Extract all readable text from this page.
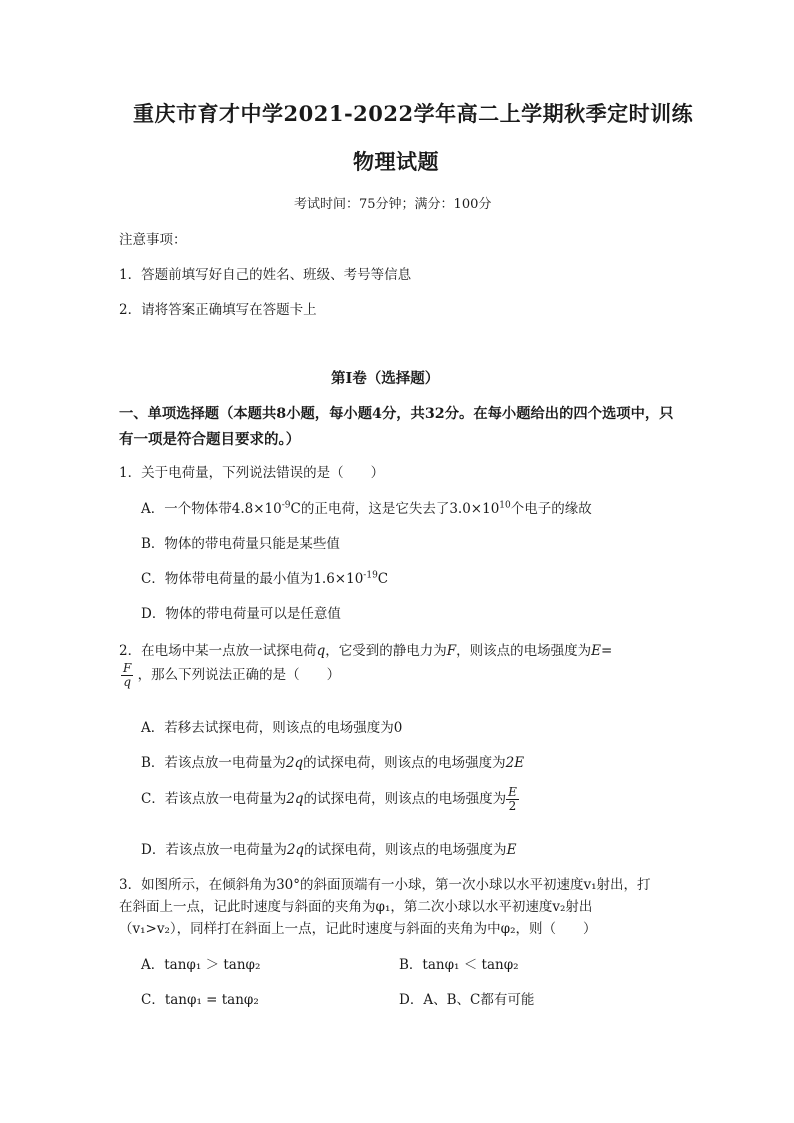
重庆市育才中学2021-2022学年高二上学期秋季定时训练
物理试题
考试时间：75分钟；满分：100分
注意事项：
1．答题前填写好自己的姓名、班级、考号等信息
2．请将答案正确填写在答题卡上
第I卷（选择题）
一、单项选择题（本题共8小题，每小题4分，共32分。在每小题给出的四个选项中，只
有一项是符合题目要求的。）
1．关于电荷量，下列说法错误的是（　　）
A．一个物体带$4.8\times 10^{-9}C$的正电荷，这是它失去了$3.0\times 10^{10}$个电子的缘故
B．物体的带电荷量只能是某些值
C．物体带电荷量的最小值为$1.6\times 10^{-19}C$
D．物体的带电荷量可以是任意值
2．在电场中某一点放一试探电荷q，它受到的静电力为F，则该点的电场强度为E=
$\frac{F}{q}$ ，那么下列说法正确的是（　　）
A．若移去试探电荷，则该点的电场强度为0
B．若该点放一电荷量为2q的试探电荷，则该点的电场强度为2E
C．若该点放一电荷量为2q的试探电荷，则该点的电场强度为 $\frac{E}{2}$
D．若该点放一电荷量为2q的试探电荷，则该点的电场强度为E
3．如图所示，在倾斜角为30°的斜面顶端有一小球，第一次小球以水平初速度v₁射出，打
在斜面上一点，记此时速度与斜面的夹角为φ₁，第二次小球以水平初速度v₂射出
（v₁>v₂），同样打在斜面上一点，记此时速度与斜面的夹角为中φ₂，则（　　）
A．tanφ₁ ＞ tanφ₂	B．tanφ₁ ＜ tanφ₂
C．tanφ₁ = tanφ₂	D．A、B、C都有可能
